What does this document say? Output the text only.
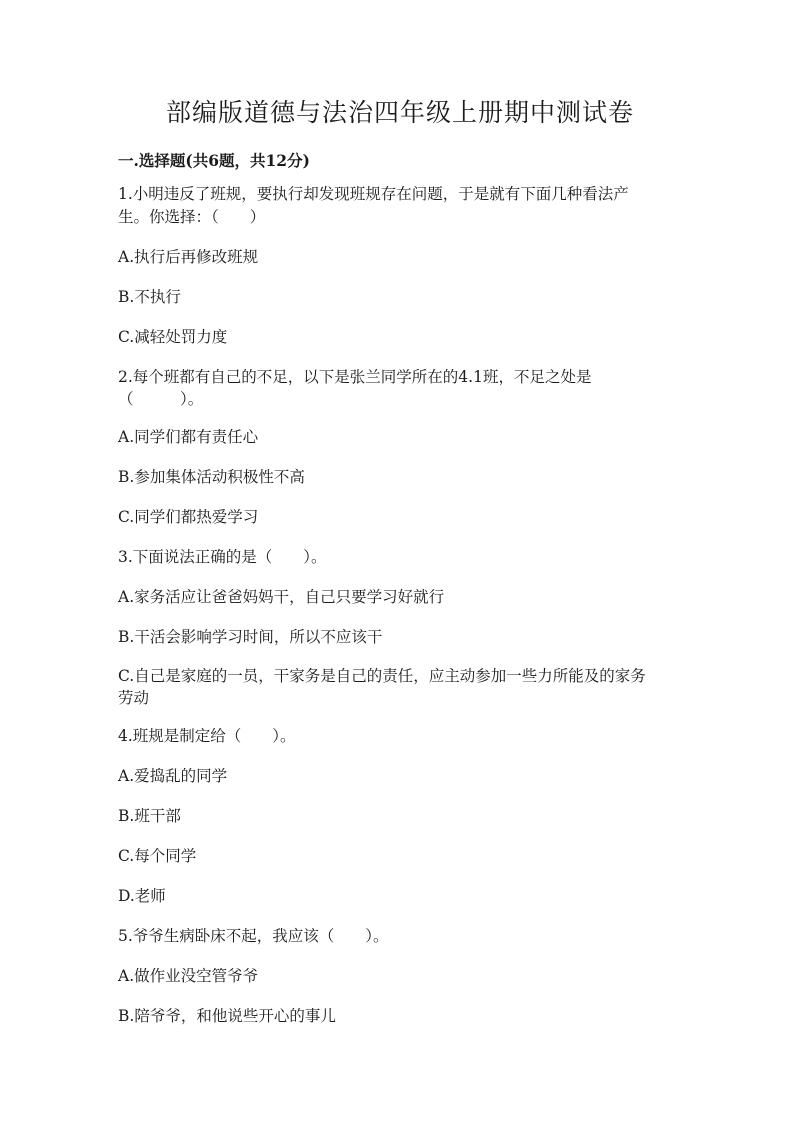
部编版道德与法治四年级上册期中测试卷
一.选择题(共6题，共12分)
1.小明违反了班规，要执行却发现班规存在问题，于是就有下面几种看法产
生。你选择：（　　）
A.执行后再修改班规
B.不执行
C.减轻处罚力度
2.每个班都有自己的不足，以下是张兰同学所在的4.1班，不足之处是
（　　　）。
A.同学们都有责任心
B.参加集体活动积极性不高
C.同学们都热爱学习
3.下面说法正确的是（　　）。
A.家务活应让爸爸妈妈干，自己只要学习好就行
B.干活会影响学习时间，所以不应该干
C.自己是家庭的一员，干家务是自己的责任，应主动参加一些力所能及的家务
劳动
4.班规是制定给（　　）。
A.爱捣乱的同学
B.班干部
C.每个同学
D.老师
5.爷爷生病卧床不起，我应该（　　）。
A.做作业没空管爷爷
B.陪爷爷，和他说些开心的事儿
